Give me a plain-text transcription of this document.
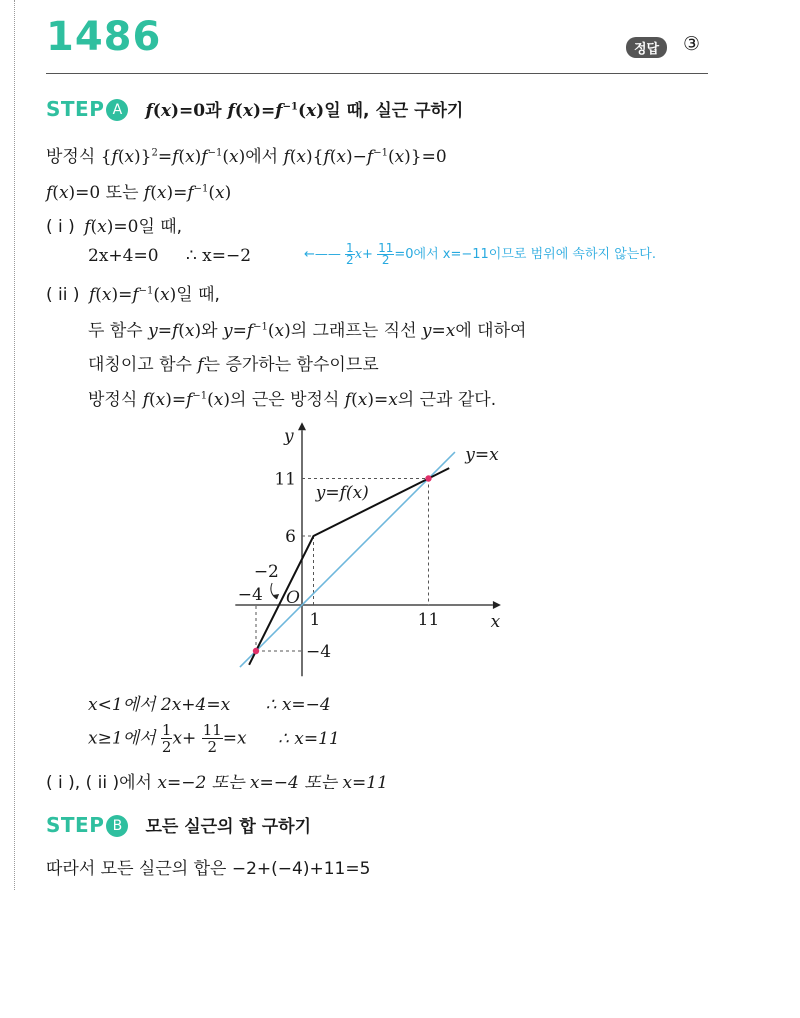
1486	정답	③
STEP A f(x)=0과 $f(x)=f^{-1}(x)$일 때, 실근 구하기
방정식 $\{f(x)\}^2=f(x)f^{-1}(x)$에서 $f(x)\{f(x)-f^{-1}(x)\}=0$
f(x)=0 또는 $f(x)=f^{-1}(x)$
( i ) f(x)=0일 때,
2x+4=0 ∴ x=−2	←—— $\frac{1}{2} x+ \frac{11}{2} =0$에서 x=−11이므로 범위에 속하지 않는다.
( ii ) $f(x)=f^{-1}(x)$일 때,
두 함수 y=f(x)와 $y=f^{-1}(x)$의 그래프는 직선 y=x에 대하여
대칭이고 함수 f는 증가하는 함수이므로
방정식 $f(x)=f^{-1}(x)$의 근은 방정식 f(x)=x의 근과 같다.
y
x
O
y=x
y=f(x)
11
6
−4
1	11
−4
−2
x<1에서 2x+4=x ∴ x=−4
x≥1에서 $\frac{1}{2} x+ \frac{11}{2} =x$ ∴ x=11
( i ), ( ii )에서 x=−2 또는 x=−4 또는 x=11
STEP B 모든 실근의 합 구하기
따라서 모든 실근의 합은 −2+(−4)+11=5
